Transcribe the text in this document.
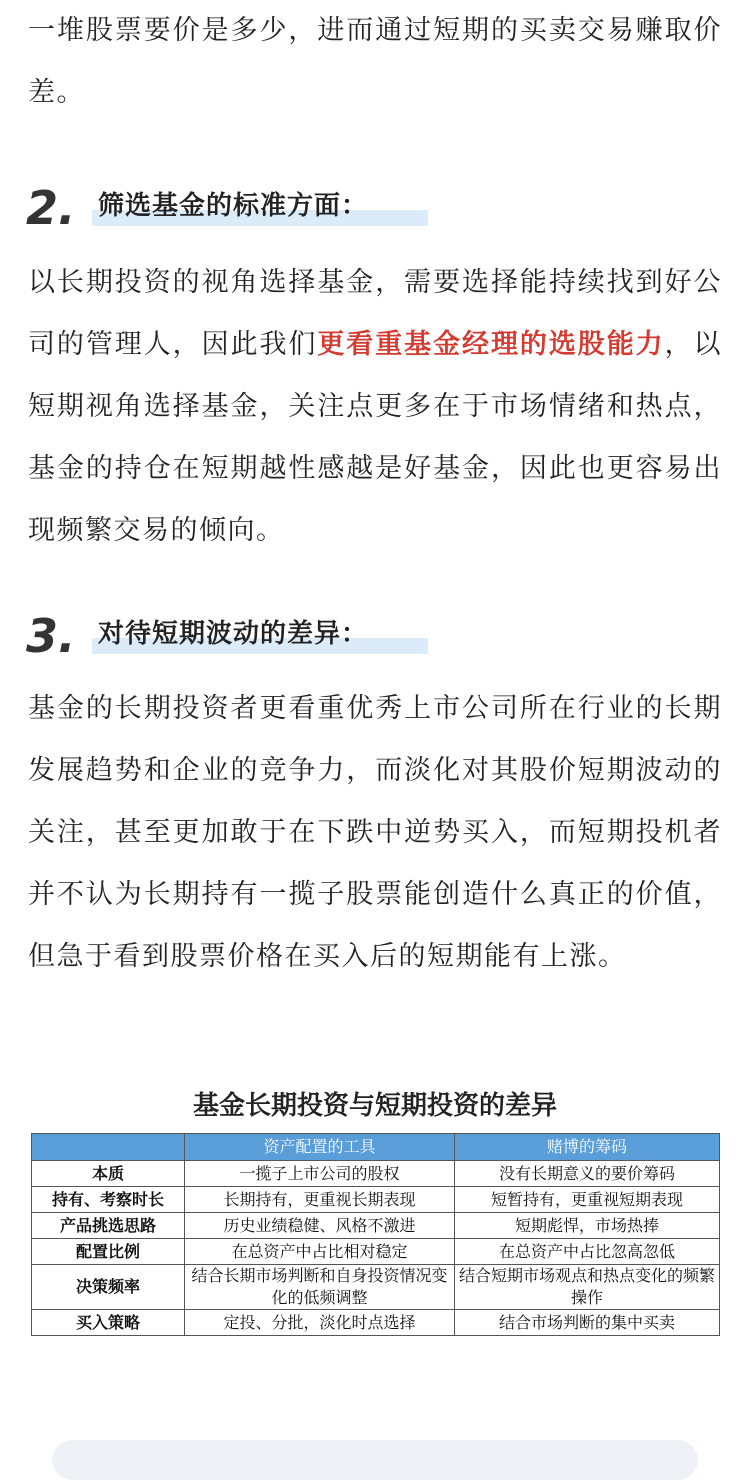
一堆股票要价是多少，进而通过短期的买卖交易赚取价差。

2. 筛选基金的标准方面：

以长期投资的视角选择基金，需要选择能持续找到好公司的管理人，因此我们更看重基金经理的选股能力，以短期视角选择基金，关注点更多在于市场情绪和热点，基金的持仓在短期越性感越是好基金，因此也更容易出现频繁交易的倾向。

3. 对待短期波动的差异：

基金的长期投资者更看重优秀上市公司所在行业的长期发展趋势和企业的竞争力，而淡化对其股价短期波动的关注，甚至更加敢于在下跌中逆势买入，而短期投机者并不认为长期持有一揽子股票能创造什么真正的价值，但急于看到股票价格在买入后的短期能有上涨。

基金长期投资与短期投资的差异
	资产配置的工具	赌博的筹码
本质	一揽子上市公司的股权	没有长期意义的要价筹码
持有、考察时长	长期持有，更重视长期表现	短暂持有，更重视短期表现
产品挑选思路	历史业绩稳健、风格不激进	短期彪悍，市场热捧
配置比例	在总资产中占比相对稳定	在总资产中占比忽高忽低
决策频率	结合长期市场判断和自身投资情况变化的低频调整	结合短期市场观点和热点变化的频繁操作
买入策略	定投、分批，淡化时点选择	结合市场判断的集中买卖
